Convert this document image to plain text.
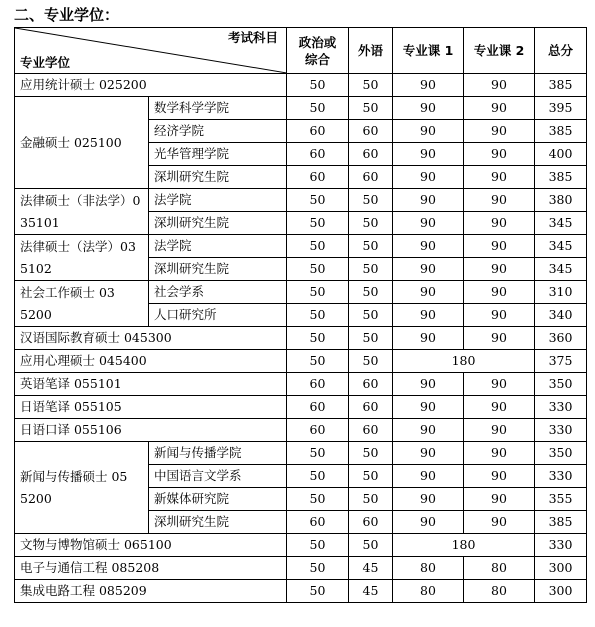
二、专业学位：
考试科目
专业学位		政治或综合	外语	专业课 1	专业课 2	总分
应用统计硕士 025200		50	50	90	90	385
金融硕士 025100	数学科学学院	50	50	90	90	395
	经济学院	60	60	90	90	385
	光华管理学院	60	60	90	90	400
	深圳研究生院	60	60	90	90	385

法律硕士（非法学）035101	法学院	50	50	90	90	380
	深圳研究生院	50	50	90	90	345

法律硕士（法学）035102	法学院	50	50	90	90	345
	深圳研究生院	50	50	90	90	345

社会工作硕士 035200	社会学系	50	50	90	90	310
	人口研究所	50	50	90	90	340
汉语国际教育硕士 045300		50	50	90	90	360
应用心理硕士 045400		50	50	180		375
英语笔译 055101		60	60	90	90	350
日语笔译 055105		60	60	90	90	330
日语口译 055106		60	60	90	90	330

新闻与传播硕士 055200	新闻与传播学院	50	50	90	90	350
	中国语言文学系	50	50	90	90	330
	新媒体研究院	50	50	90	90	355
	深圳研究生院	60	60	90	90	385
文物与博物馆硕士 065100		50	50	180		330
电子与通信工程 085208		50	45	80	80	300
集成电路工程 085209		50	45	80	80	300
